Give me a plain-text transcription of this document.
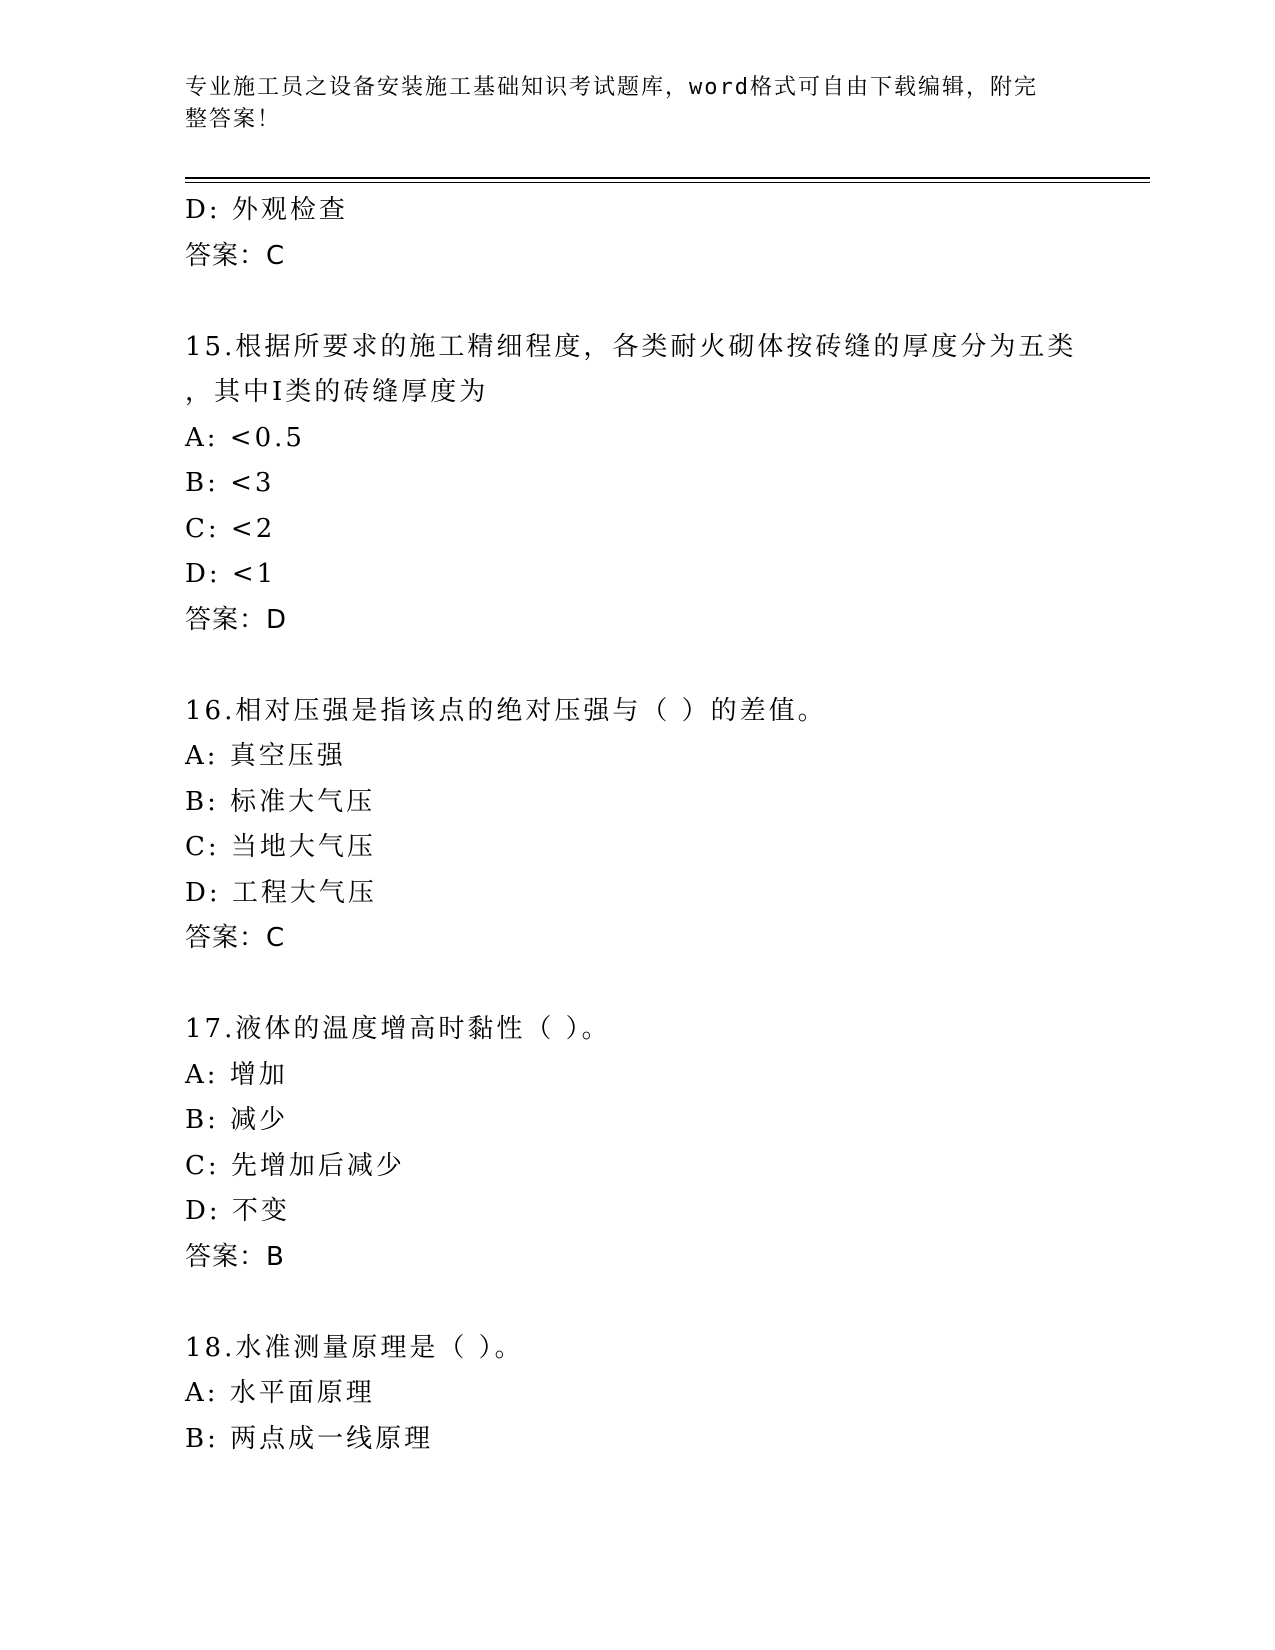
专业施工员之设备安装施工基础知识考试题库，word格式可自由下载编辑，附完
整答案！
D: 外观检查
答案：C
15.根据所要求的施工精细程度，各类耐火砌体按砖缝的厚度分为五类
，其中Ⅰ类的砖缝厚度为
A: <0.5
B: <3
C: <2
D: <1
答案：D
16.相对压强是指该点的绝对压强与（ ）的差值。
A: 真空压强
B: 标准大气压
C: 当地大气压
D: 工程大气压
答案：C
17.液体的温度增高时黏性（ ）。
A: 增加
B: 减少
C: 先增加后减少
D: 不变
答案：B
18.水准测量原理是（ ）。
A: 水平面原理
B: 两点成一线原理
